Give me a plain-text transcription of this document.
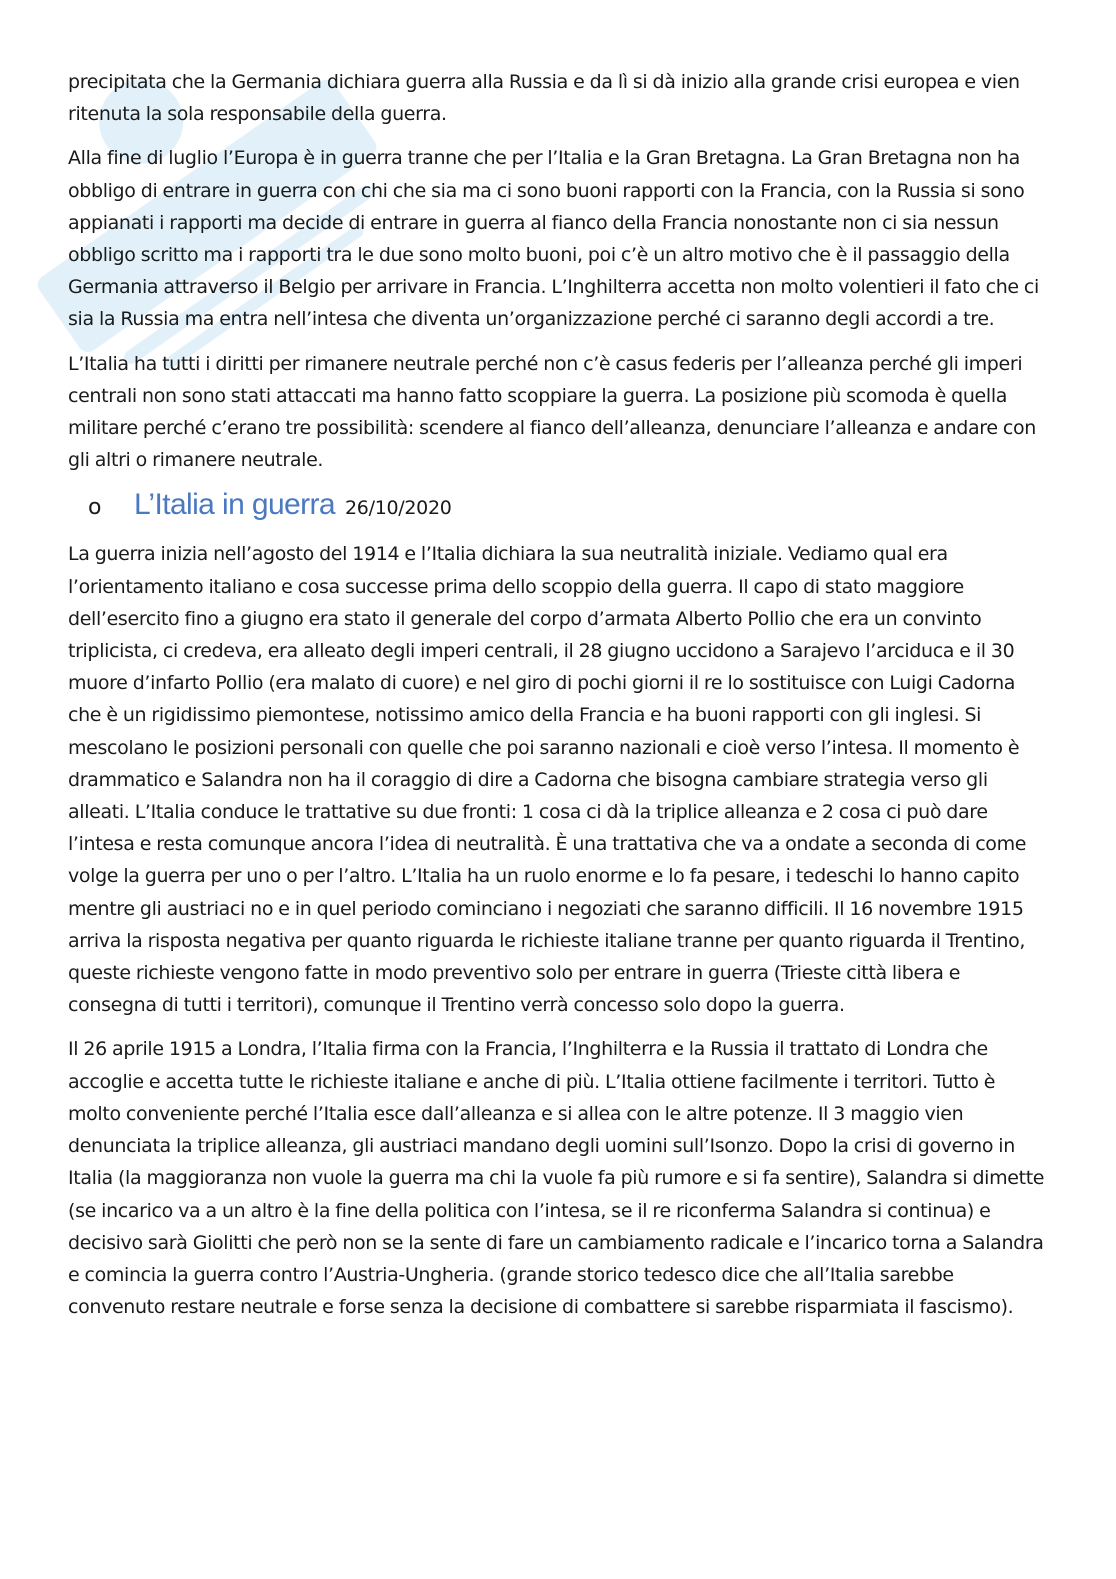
precipitata che la Germania dichiara guerra alla Russia e da lì si dà inizio alla grande crisi europea e vien ritenuta la sola responsabile della guerra.

Alla fine di luglio l’Europa è in guerra tranne che per l’Italia e la Gran Bretagna. La Gran Bretagna non ha obbligo di entrare in guerra con chi che sia ma ci sono buoni rapporti con la Francia, con la Russia si sono appianati i rapporti ma decide di entrare in guerra al fianco della Francia nonostante non ci sia nessun obbligo scritto ma i rapporti tra le due sono molto buoni, poi c’è un altro motivo che è il passaggio della Germania attraverso il Belgio per arrivare in Francia. L’Inghilterra accetta non molto volentieri il fato che ci sia la Russia ma entra nell’intesa che diventa un’organizzazione perché ci saranno degli accordi a tre.

L’Italia ha tutti i diritti per rimanere neutrale perché non c’è casus federis per l’alleanza perché gli imperi centrali non sono stati attaccati ma hanno fatto scoppiare la guerra. La posizione più scomoda è quella militare perché c’erano tre possibilità: scendere al fianco dell’alleanza, denunciare l’alleanza e andare con gli altri o rimanere neutrale.

o	L’Italia in guerra 26/10/2020

La guerra inizia nell’agosto del 1914 e l’Italia dichiara la sua neutralità iniziale. Vediamo qual era l’orientamento italiano e cosa successe prima dello scoppio della guerra. Il capo di stato maggiore dell’esercito fino a giugno era stato il generale del corpo d’armata Alberto Pollio che era un convinto triplicista, ci credeva, era alleato degli imperi centrali, il 28 giugno uccidono a Sarajevo l’arciduca e il 30 muore d’infarto Pollio (era malato di cuore) e nel giro di pochi giorni il re lo sostituisce con Luigi Cadorna che è un rigidissimo piemontese, notissimo amico della Francia e ha buoni rapporti con gli inglesi. Si mescolano le posizioni personali con quelle che poi saranno nazionali e cioè verso l’intesa. Il momento è drammatico e Salandra non ha il coraggio di dire a Cadorna che bisogna cambiare strategia verso gli alleati. L’Italia conduce le trattative su due fronti: 1 cosa ci dà la triplice alleanza e 2 cosa ci può dare l’intesa e resta comunque ancora l’idea di neutralità. È una trattativa che va a ondate a seconda di come volge la guerra per uno o per l’altro. L’Italia ha un ruolo enorme e lo fa pesare, i tedeschi lo hanno capito mentre gli austriaci no e in quel periodo cominciano i negoziati che saranno difficili. Il 16 novembre 1915 arriva la risposta negativa per quanto riguarda le richieste italiane tranne per quanto riguarda il Trentino, queste richieste vengono fatte in modo preventivo solo per entrare in guerra (Trieste città libera e consegna di tutti i territori), comunque il Trentino verrà concesso solo dopo la guerra.

Il 26 aprile 1915 a Londra, l’Italia firma con la Francia, l’Inghilterra e la Russia il trattato di Londra che accoglie e accetta tutte le richieste italiane e anche di più. L’Italia ottiene facilmente i territori. Tutto è molto conveniente perché l’Italia esce dall’alleanza e si allea con le altre potenze. Il 3 maggio vien denunciata la triplice alleanza, gli austriaci mandano degli uomini sull’Isonzo. Dopo la crisi di governo in Italia (la maggioranza non vuole la guerra ma chi la vuole fa più rumore e si fa sentire), Salandra si dimette (se incarico va a un altro è la fine della politica con l’intesa, se il re riconferma Salandra si continua) e decisivo sarà Giolitti che però non se la sente di fare un cambiamento radicale e l’incarico torna a Salandra e comincia la guerra contro l’Austria-Ungheria. (grande storico tedesco dice che all’Italia sarebbe convenuto restare neutrale e forse senza la decisione di combattere si sarebbe risparmiata il fascismo).
